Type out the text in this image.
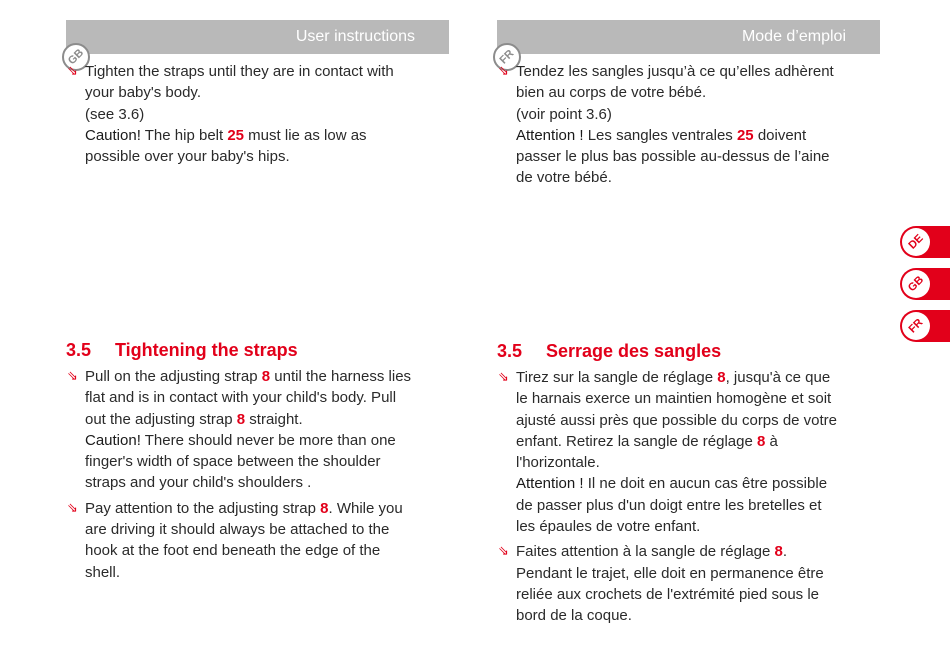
GB
User instructions
FR
Mode d’emploi
⇘ Tighten the straps until they are in contact with

your baby's body.

(see 3.6)

Caution! The hip belt 25 must lie as low as

possible over your baby's hips.

⇘ Tendez les sangles jusqu’à ce qu’elles adhèrent

bien au corps de votre bébé.

(voir point 3.6)

Attention ! Les sangles ventrales 25 doivent

passer le plus bas possible au-dessus de l’aine

de votre bébé.

3.5 Tightening the straps
⇘ Pull on the adjusting strap 8 until the harness lies

flat and is in contact with your child's body. Pull

out the adjusting strap 8 straight.

Caution! There should never be more than one

finger's width of space between the shoulder

straps and your child's shoulders .

⇘ Pay attention to the adjusting strap 8. While you

are driving it should always be attached to the

hook at the foot end beneath the edge of the

shell.

3.5 Serrage des sangles
⇘ Tirez sur la sangle de réglage 8, jusqu'à ce que

le harnais exerce un maintien homogène et soit

ajusté aussi près que possible du corps de votre

enfant. Retirez la sangle de réglage 8 à

l'horizontale.

Attention ! Il ne doit en aucun cas être possible

de passer plus d'un doigt entre les bretelles et

les épaules de votre enfant.

⇘ Faites attention à la sangle de réglage 8.

Pendant le trajet, elle doit en permanence être

reliée aux crochets de l'extrémité pied sous le

bord de la coque.

DE
GB
FR
